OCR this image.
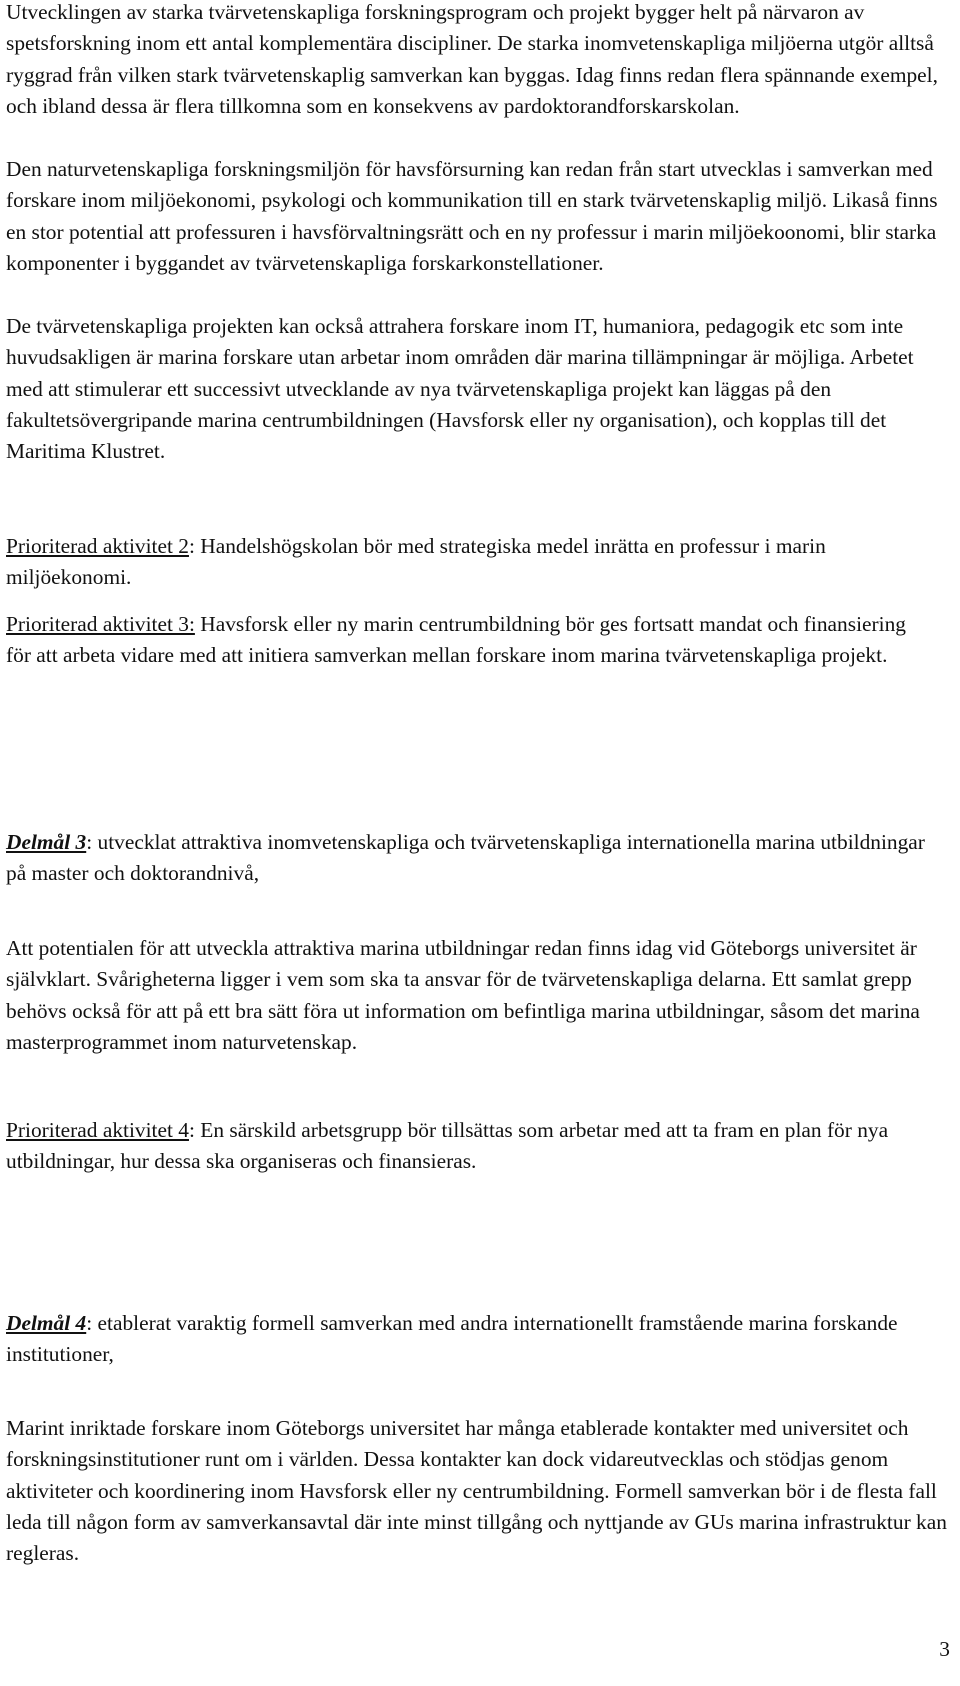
Utvecklingen av starka tvärvetenskapliga forskningsprogram och projekt bygger helt på närvaron av spetsforskning inom ett antal komplementära discipliner. De starka inomvetenskapliga miljöerna utgör alltså ryggrad från vilken stark tvärvetenskaplig samverkan kan byggas. Idag finns redan flera spännande exempel, och ibland dessa är flera tillkomna som en konsekvens av pardoktorandforskarskolan.

Den naturvetenskapliga forskningsmiljön för havsförsurning kan redan från start utvecklas i samverkan med forskare inom miljöekonomi, psykologi och kommunikation till en stark tvärvetenskaplig miljö. Likaså finns en stor potential att professuren i havsförvaltningsrätt och en ny professur i marin miljöekoonomi, blir starka komponenter i byggandet av tvärvetenskapliga forskarkonstellationer.

De tvärvetenskapliga projekten kan också attrahera forskare inom IT, humaniora, pedagogik etc som inte huvudsakligen är marina forskare utan arbetar inom områden där marina tillämpningar är möjliga. Arbetet med att stimulerar ett successivt utvecklande av nya tvärvetenskapliga projekt kan läggas på den fakultetsövergripande marina centrumbildningen (Havsforsk eller ny organisation), och kopplas till det Maritima Klustret.

Prioriterad aktivitet 2: Handelshögskolan bör med strategiska medel inrätta en professur i marin miljöekonomi.

Prioriterad aktivitet 3: Havsforsk eller ny marin centrumbildning bör ges fortsatt mandat och finansiering för att arbeta vidare med att initiera samverkan mellan forskare inom marina tvärvetenskapliga projekt.

Delmål 3: utvecklat attraktiva inomvetenskapliga och tvärvetenskapliga internationella marina utbildningar på master och doktorandnivå,

Att potentialen för att utveckla attraktiva marina utbildningar redan finns idag vid Göteborgs universitet är självklart. Svårigheterna ligger i vem som ska ta ansvar för de tvärvetenskapliga delarna. Ett samlat grepp behövs också för att på ett bra sätt föra ut information om befintliga marina utbildningar, såsom det marina masterprogrammet inom naturvetenskap.

Prioriterad aktivitet 4: En särskild arbetsgrupp bör tillsättas som arbetar med att ta fram en plan för nya utbildningar, hur dessa ska organiseras och finansieras.

Delmål 4: etablerat varaktig formell samverkan med andra internationellt framstående marina forskande institutioner,

Marint inriktade forskare inom Göteborgs universitet har många etablerade kontakter med universitet och forskningsinstitutioner runt om i världen. Dessa kontakter kan dock vidareutvecklas och stödjas genom aktiviteter och koordinering inom Havsforsk eller ny centrumbildning. Formell samverkan bör i de flesta fall leda till någon form av samverkansavtal där inte minst tillgång och nyttjande av GUs marina infrastruktur kan regleras.

3
